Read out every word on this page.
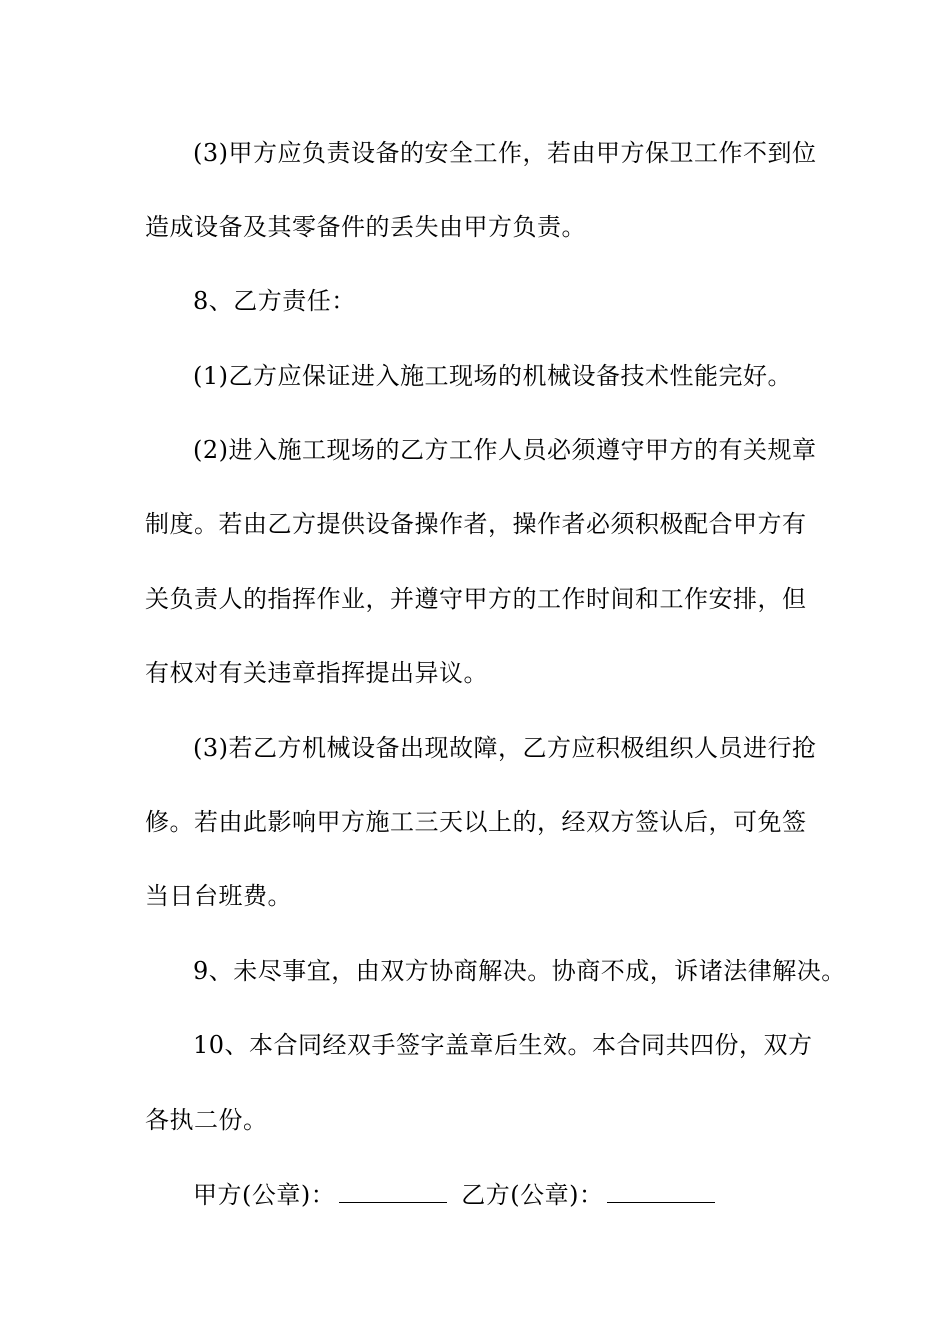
(3)甲方应负责设备的安全工作，若由甲方保卫工作不到位
造成设备及其零备件的丢失由甲方负责。
8、乙方责任：
(1)乙方应保证进入施工现场的机械设备技术性能完好。
(2)进入施工现场的乙方工作人员必须遵守甲方的有关规章
制度。若由乙方提供设备操作者，操作者必须积极配合甲方有
关负责人的指挥作业，并遵守甲方的工作时间和工作安排，但
有权对有关违章指挥提出异议。
(3)若乙方机械设备出现故障，乙方应积极组织人员进行抢
修。若由此影响甲方施工三天以上的，经双方签认后，可免签
当日台班费。
9、未尽事宜，由双方协商解决。协商不成，诉诸法律解决。
10、本合同经双手签字盖章后生效。本合同共四份，双方
各执二份。
甲方(公章)：	乙方(公章)：
